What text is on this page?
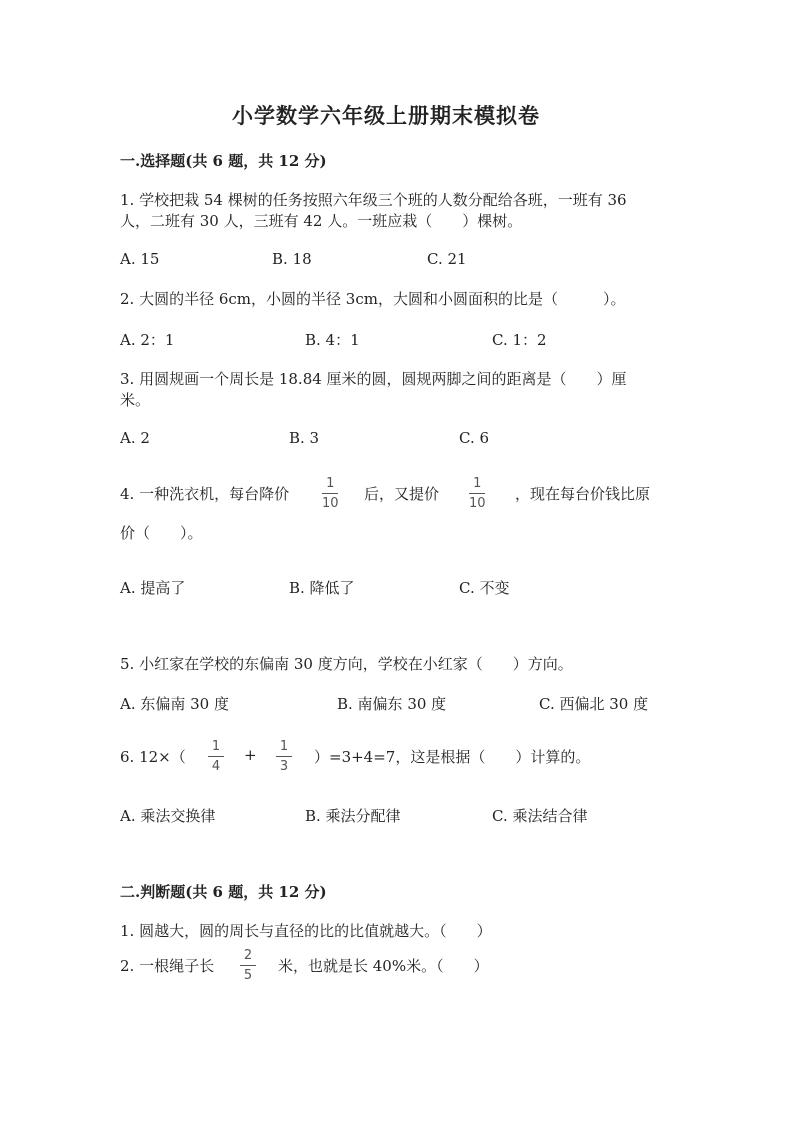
小学数学六年级上册期末模拟卷
一.选择题(共 6 题，共 12 分)
1. 学校把栽 54 棵树的任务按照六年级三个班的人数分配给各班，一班有 36
人，二班有 30 人，三班有 42 人。一班应栽（　　）棵树。
A. 15	B. 18	C. 21
2. 大圆的半径 6cm，小圆的半径 3cm，大圆和小圆面积的比是（　　　）。
A. 2：1	B. 4：1	C. 1：2
3. 用圆规画一个周长是 18.84 厘米的圆，圆规两脚之间的距离是（　　）厘
米。
A. 2	B. 3	C. 6
4. 一种洗衣机，每台降价
1
10
后，又提价
1
10
，现在每台价钱比原
价（　　）。
A. 提高了	B. 降低了	C. 不变
5. 小红家在学校的东偏南 30 度方向，学校在小红家（　　）方向。
A. 东偏南 30 度	B. 南偏东 30 度	C. 西偏北 30 度
6. 12×（
1
4
+ 1
3
）=3+4=7，这是根据（　　）计算的。
A. 乘法交换律	B. 乘法分配律	C. 乘法结合律
二.判断题(共 6 题，共 12 分)
1. 圆越大，圆的周长与直径的比的比值就越大。（　　）
2. 一根绳子长
2
5
米，也就是长 40%米。（　　）
